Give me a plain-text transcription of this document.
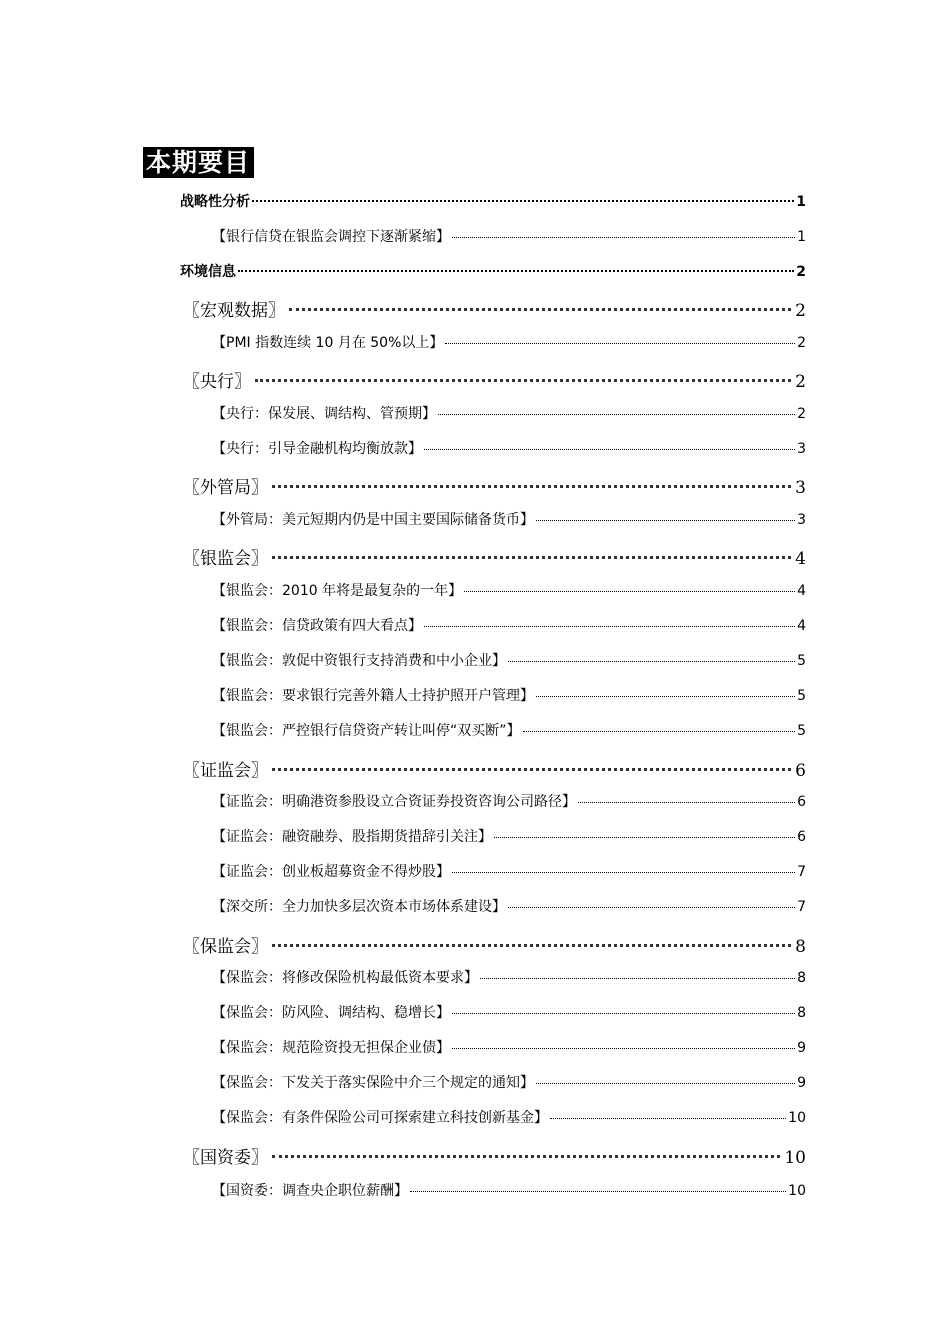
本期要目
战略性分析	1
【银行信贷在银监会调控下逐渐紧缩】	1
环境信息	2
〖宏观数据〗	2
【PMI 指数连续 10 月在 50%以上】	2
〖央行〗	2
【央行：保发展、调结构、管预期】	2
【央行：引导金融机构均衡放款】	3
〖外管局〗	3
【外管局：美元短期内仍是中国主要国际储备货币】	3
〖银监会〗	4
【银监会：2010 年将是最复杂的一年】	4
【银监会：信贷政策有四大看点】	4
【银监会：敦促中资银行支持消费和中小企业】	5
【银监会：要求银行完善外籍人士持护照开户管理】	5
【银监会：严控银行信贷资产转让叫停“双买断”】	5
〖证监会〗	6
【证监会：明确港资参股设立合资证券投资咨询公司路径】	6
【证监会：融资融券、股指期货措辞引关注】	6
【证监会：创业板超募资金不得炒股】	7
【深交所：全力加快多层次资本市场体系建设】	7
〖保监会〗	8
【保监会：将修改保险机构最低资本要求】	8
【保监会：防风险、调结构、稳增长】	8
【保监会：规范险资投无担保企业债】	9
【保监会：下发关于落实保险中介三个规定的通知】	9
【保监会：有条件保险公司可探索建立科技创新基金】	10
〖国资委〗	10
【国资委：调查央企职位薪酬】	10
